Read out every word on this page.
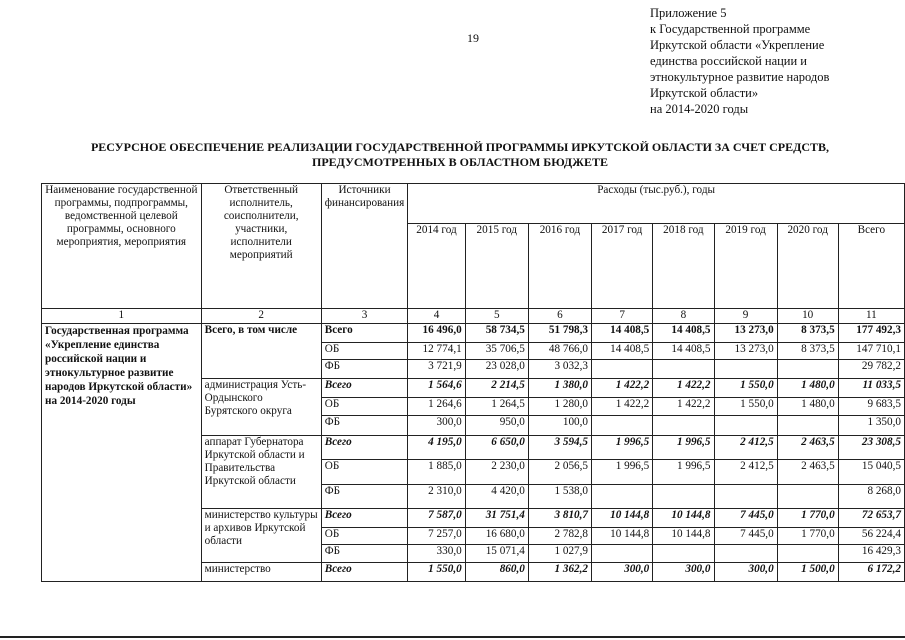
19
Приложение 5
к Государственной программе
Иркутской области «Укрепление
единства российской нации и
этнокультурное развитие народов
Иркутской области»
на 2014-2020 годы
РЕСУРСНОЕ ОБЕСПЕЧЕНИЕ РЕАЛИЗАЦИИ ГОСУДАРСТВЕННОЙ ПРОГРАММЫ ИРКУТСКОЙ ОБЛАСТИ ЗА СЧЕТ СРЕДСТВ,
ПРЕДУСМОТРЕННЫХ В ОБЛАСТНОМ БЮДЖЕТЕ
Наименование государственной программы, подпрограммы, ведомственной целевой программы, основного мероприятия, мероприятия	Ответственный исполнитель, соисполнители, участники, исполнители мероприятий	Источники финансирования	Расходы (тыс.руб.), годы							
			2014 год	2015 год	2016 год	2017 год	2018 год	2019 год	2020 год	Всего
1	2	3	4	5	6	7	8	9	10	11
Государственная программа «Укрепление единства российской нации и этнокультурное развитие народов Иркутской области» на 2014-2020 годы	Всего, в том числе	Всего	16 496,0	58 734,5	51 798,3	14 408,5	14 408,5	13 273,0	8 373,5	177 492,3
		ОБ	12 774,1	35 706,5	48 766,0	14 408,5	14 408,5	13 273,0	8 373,5	147 710,1
		ФБ	3 721,9	23 028,0	3 032,3					29 782,2
	администрация Усть-Ордынского Бурятского округа	Всего	1 564,6	2 214,5	1 380,0	1 422,2	1 422,2	1 550,0	1 480,0	11 033,5
		ОБ	1 264,6	1 264,5	1 280,0	1 422,2	1 422,2	1 550,0	1 480,0	9 683,5
		ФБ	300,0	950,0	100,0					1 350,0
	аппарат Губернатора Иркутской области и Правительства Иркутской области	Всего	4 195,0	6 650,0	3 594,5	1 996,5	1 996,5	2 412,5	2 463,5	23 308,5
		ОБ	1 885,0	2 230,0	2 056,5	1 996,5	1 996,5	2 412,5	2 463,5	15 040,5
		ФБ	2 310,0	4 420,0	1 538,0					8 268,0
	министерство культуры и архивов Иркутской области	Всего	7 587,0	31 751,4	3 810,7	10 144,8	10 144,8	7 445,0	1 770,0	72 653,7
		ОБ	7 257,0	16 680,0	2 782,8	10 144,8	10 144,8	7 445,0	1 770,0	56 224,4
		ФБ	330,0	15 071,4	1 027,9					16 429,3
	министерство	Всего	1 550,0	860,0	1 362,2	300,0	300,0	300,0	1 500,0	6 172,2
